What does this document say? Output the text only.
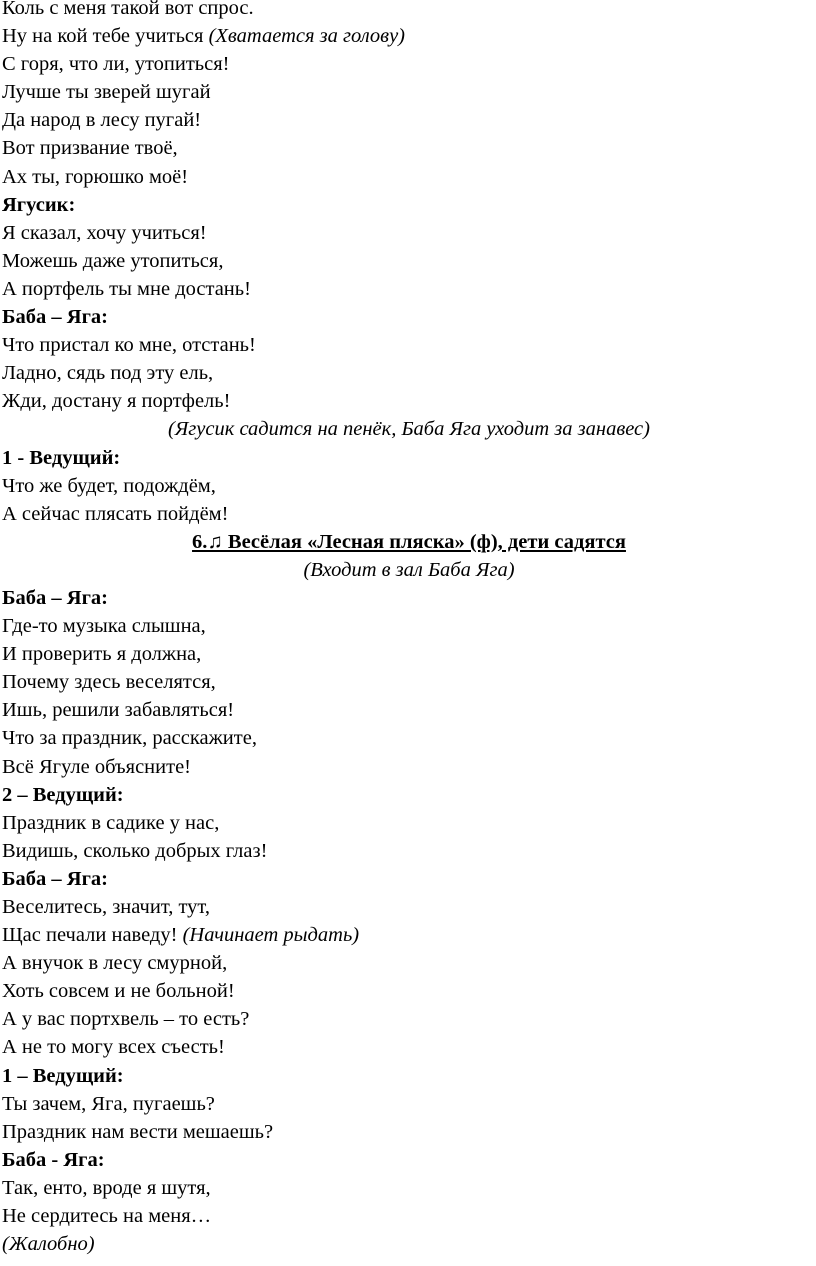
Коль с меня такой вот спрос.
Ну на кой тебе учиться (Хватается за голову)
С горя, что ли, утопиться!
Лучше ты зверей шугай
Да народ в лесу пугай!
Вот призвание твоё,
Ах ты, горюшко моё!
Ягусик:
Я сказал, хочу учиться!
Можешь даже утопиться,
А портфель ты мне достань!
Баба – Яга:
Что пристал ко мне, отстань!
Ладно, сядь под эту ель,
Жди, достану я портфель!
(Ягусик садится на пенёк, Баба Яга уходит за занавес)
1 - Ведущий:
Что же будет, подождём,
А сейчас плясать пойдём!
6.♫ Весёлая «Лесная пляска» (ф), дети садятся
(Входит в зал Баба Яга)
Баба – Яга:
Где-то музыка слышна,
И проверить я должна,
Почему здесь веселятся,
Ишь, решили забавляться!
Что за праздник, расскажите,
Всё Ягуле объясните!
2 – Ведущий:
Праздник в садике у нас,
Видишь, сколько добрых глаз!
Баба – Яга:
Веселитесь, значит, тут,
Щас печали наведу! (Начинает рыдать)
А внучок в лесу смурной,
Хоть совсем и не больной!
А у вас портхвель – то есть?
А не то могу всех съесть!
1 – Ведущий:
Ты зачем, Яга, пугаешь?
Праздник нам вести мешаешь?
Баба - Яга:
Так, енто, вроде я шутя,
Не сердитесь на меня…
(Жалобно)
